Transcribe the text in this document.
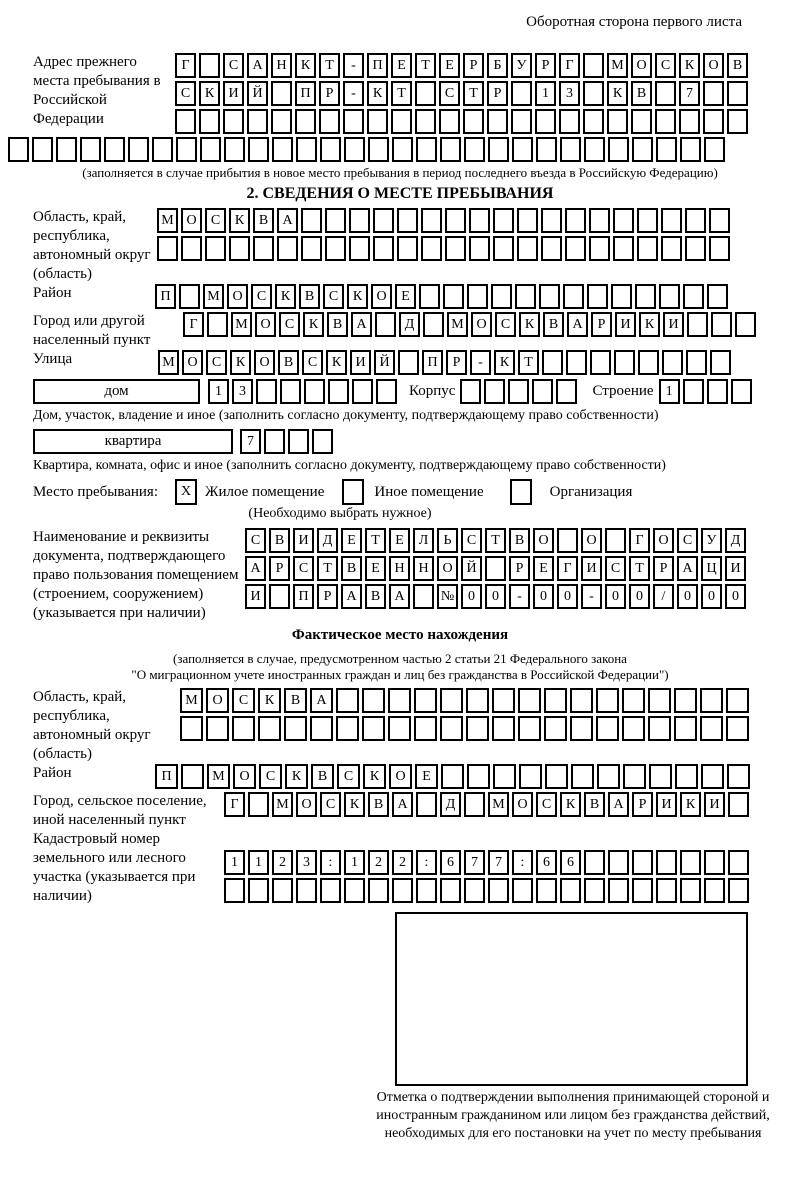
Оборотная сторона первого листа
Адрес прежнего места пребывания в Российской Федерации
Г	С	А Н	К	Т	-	П	Е	Т	Е	Р	Б	У	Р	Г	М О	С	К	О	В
С	К	И Й	П	Р	-	К	Т	С	Т	Р	1	3	К	В	7
(заполняется в случае прибытия в новое место пребывания в период последнего въезда в Российскую Федерацию)
2. СВЕДЕНИЯ О МЕСТЕ ПРЕБЫВАНИЯ
Область, край, республика, автономный округ (область)
М О	С	К	В	А
Район	П	М О	С	К	В	С	К	О	Е
Город или другой населенный пункт
Г	М О	С	К	В	А	Д	М О	С	К	В	А	Р	И	К	И
Улица	М О	С	К	О	В	С	К	И Й	П	Р	-	К	Т
дом	1	3	Корпус	Строение 1
Дом, участок, владение и иное (заполнить согласно документу, подтверждающему право собственности)
квартира	7
Квартира, комната, офис и иное (заполнить согласно документу, подтверждающему право собственности)
Место пребывания:	X Жилое помещение	Иное помещение	Организация
(Необходимо выбрать нужное)
Наименование и реквизиты документа, подтверждающего право пользования помещением (строением, сооружением) (указывается при наличии)
С	В	И	Д	Е	Т	Е	Л	Ь	С	Т	В	О	О	Г	О	С	У	Д
А	Р	С	Т	В	Е	Н Н О Й	Р	Е	Г	И	С	Т	Р	А Ц И
И	П	Р	А	В	А	№ 0	0	-	0	0	-	0	0	/	0	0	0
Фактическое место нахождения
(заполняется в случае, предусмотренном частью 2 статьи 21 Федерального закона
"О миграционном учете иностранных граждан и лиц без гражданства в Российской Федерации")
Область, край, республика, автономный округ (область)
М	О	С	К	В	А
Район	П	М	О	С	К	В	С	К	О	Е
Город, сельское поселение, иной населенный пункт
Г	М О	С	К	В	А	Д	М О	С	К	В	А	Р	И	К	И
Кадастровый номер земельного или лесного участка (указывается при наличии)
1	1	2	3	:	1	2	2	:	6	7	7	:	6	6
Отметка о подтверждении выполнения принимающей стороной и иностранным гражданином или лицом без гражданства действий, необходимых для его постановки на учет по месту пребывания
